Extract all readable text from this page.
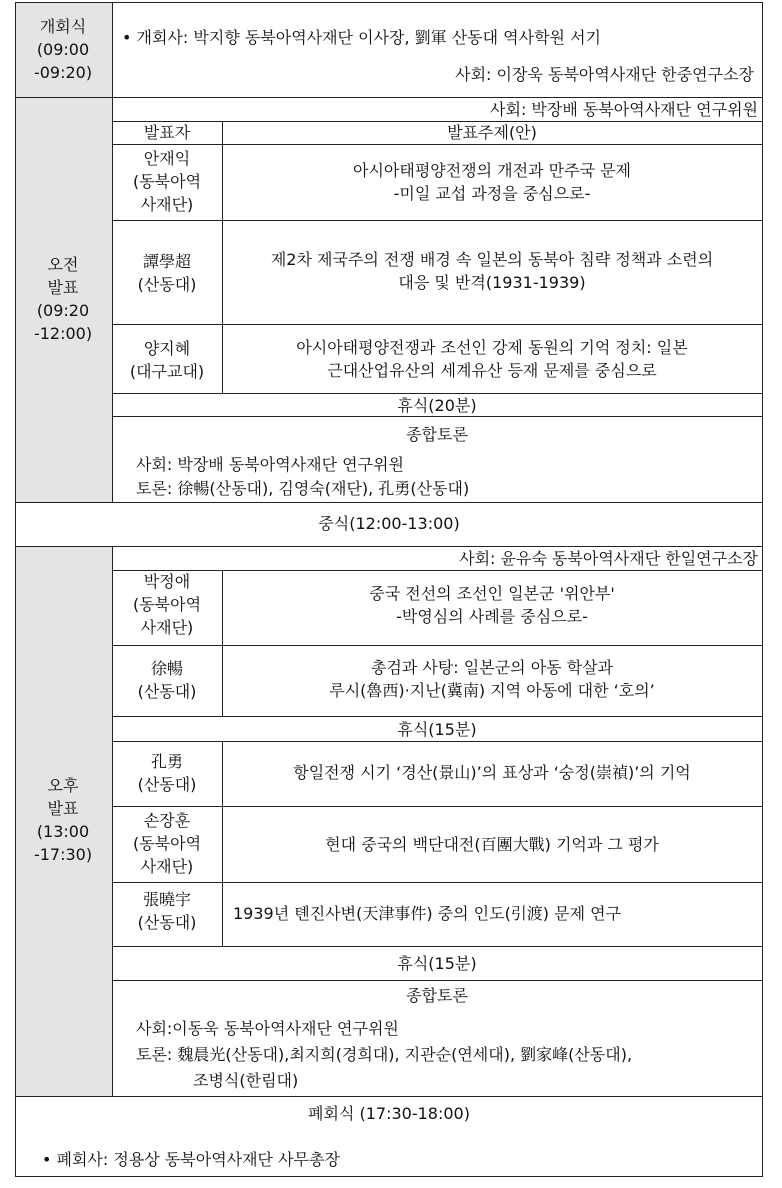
개회식
(09:00
-09:20)
• 개회사: 박지향 동북아역사재단 이사장, 劉軍 산동대 역사학원 서기
사회: 이장욱 동북아역사재단 한중연구소장
오전
발표
(09:20
-12:00)
사회: 박장배 동북아역사재단 연구위원
발표자	발표주제(안)
안재익
(동북아역
사재단)
아시아태평양전쟁의 개전과 만주국 문제
-미일 교섭 과정을 중심으로-
譚學超
(산동대)
제2차 제국주의 전쟁 배경 속 일본의 동북아 침략 정책과 소련의
대응 및 반격(1931-1939)
양지혜
(대구교대)
아시아태평양전쟁과 조선인 강제 동원의 기억 정치: 일본
근대산업유산의 세계유산 등재 문제를 중심으로
휴식(20분)
종합토론
사회: 박장배 동북아역사재단 연구위원
토론: 徐暢(산동대), 김영숙(재단), 孔勇(산동대)
중식(12:00-13:00)
오후
발표
(13:00
-17:30)
사회: 윤유숙 동북아역사재단 한일연구소장
박정애
(동북아역
사재단)
중국 전선의 조선인 일본군 '위안부'
-박영심의 사례를 중심으로-
徐暢
(산동대)
총검과 사탕: 일본군의 아동 학살과
루시(魯西)·지난(冀南) 지역 아동에 대한 ‘호의’
휴식(15분)
孔勇
(산동대)
항일전쟁 시기 ‘경산(景山)’의 표상과 ‘숭정(崇禎)’의 기억
손장훈
(동북아역
사재단)
현대 중국의 백단대전(百團大戰) 기억과 그 평가
張曉宇
(산동대) 1939년 톈진사변(天津事件) 중의 인도(引渡) 문제 연구
휴식(15분)
종합토론
사회:이동욱 동북아역사재단 연구위원
토론: 魏晨光(산동대),최지희(경희대), 지관순(연세대), 劉家峰(산동대),
조병식(한림대)
폐회식 (17:30-18:00)
• 폐회사: 정용상 동북아역사재단 사무총장
